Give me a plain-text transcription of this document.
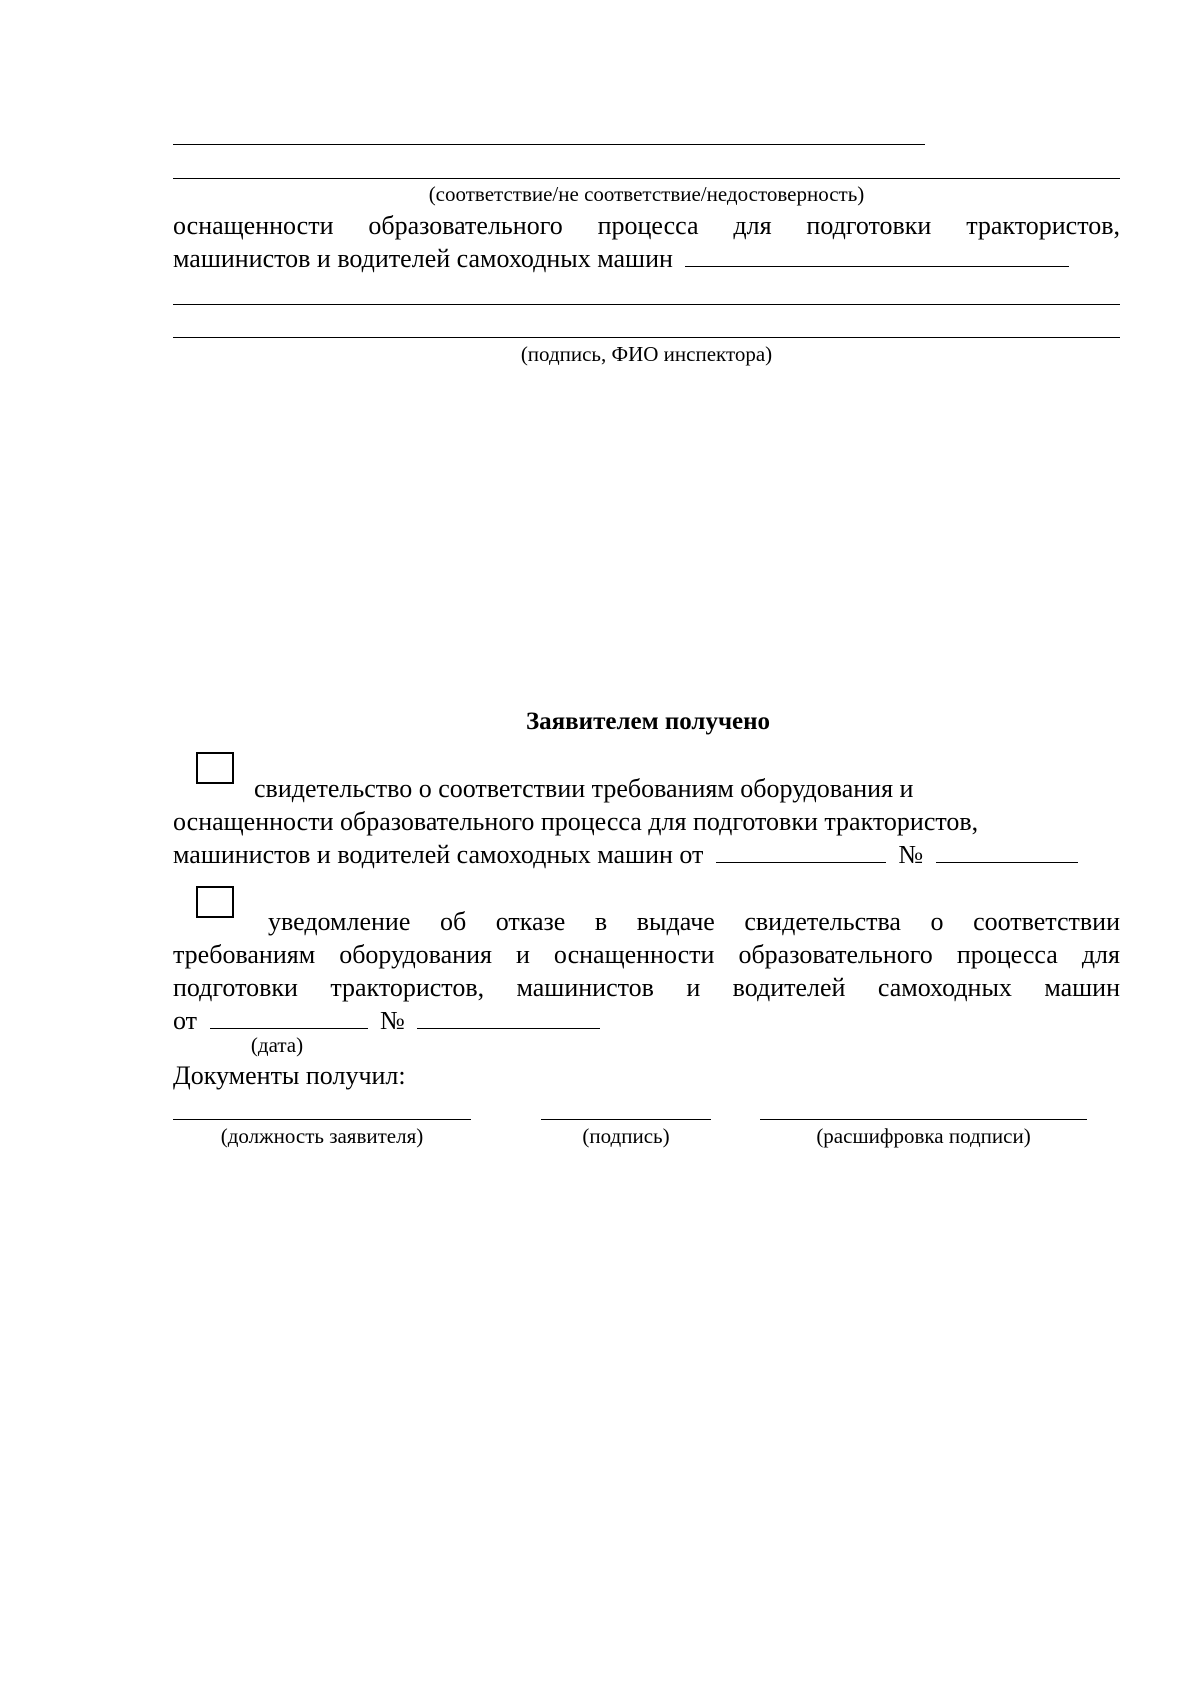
(соответствие/не соответствие/недостоверность)
оснащенности образовательного процесса для подготовки трактористов,
машинистов и водителей самоходных машин
(подпись, ФИО инспектора)
Заявителем получено
свидетельство о соответствии требованиям оборудования и
оснащенности образовательного процесса для подготовки трактористов,
машинистов и водителей самоходных машин от	№
уведомление об отказе в выдаче свидетельства о соответствии
требованиям оборудования и оснащенности образовательного процесса для
подготовки трактористов, машинистов и водителей самоходных машин
от	№
(дата)
Документы получил:
(должность заявителя)	(подпись)	(расшифровка подписи)
